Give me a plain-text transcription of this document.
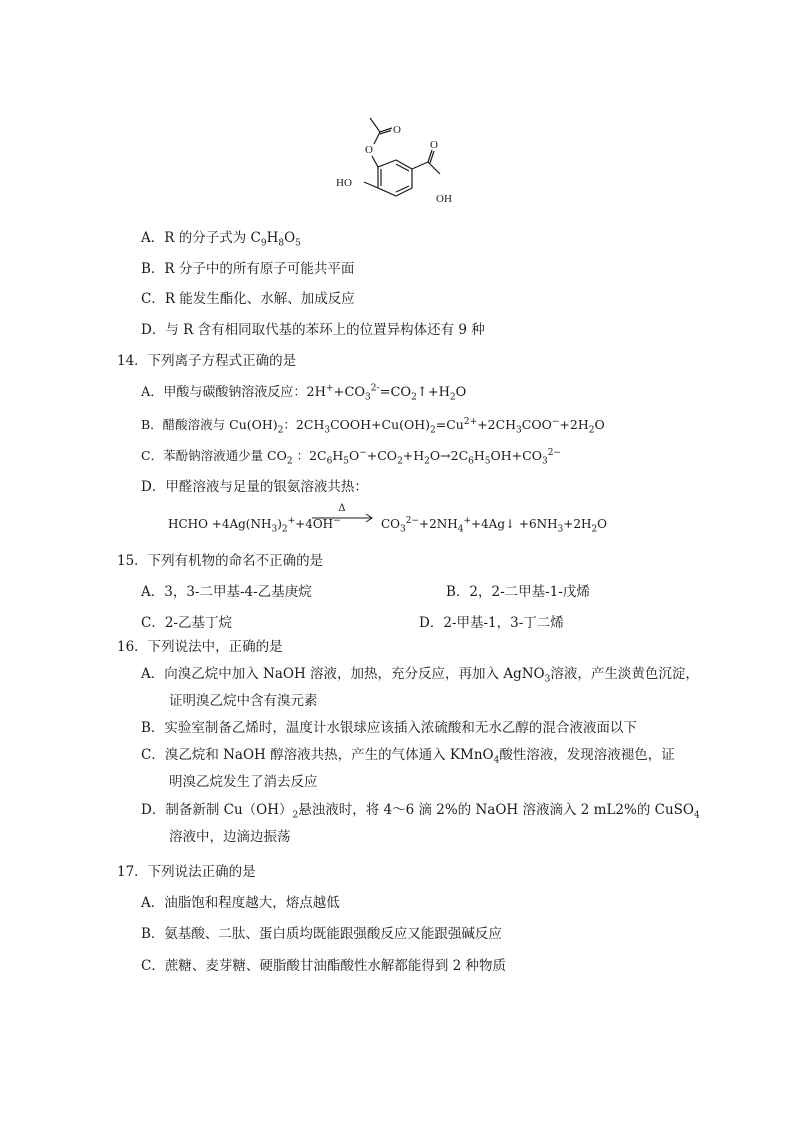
O
O
HO
O
OH
A．R 的分子式为 $C_9H_8O_5$
B．R 分子中的所有原子可能共平面
C．R 能发生酯化、水解、加成反应
D．与 R 含有相同取代基的苯环上的位置异构体还有 9 种
14．下列离子方程式正确的是
A．甲酸与碳酸钠溶液反应：$2H^++CO_3^{2-}=CO_2↑+H_2O$
B．醋酸溶液与 $Cu(OH)_2$：$2CH_3COOH+Cu(OH)_2=Cu^{2+}+2CH_3COO^-+2H_2O$
C．苯酚钠溶液通少量 $CO_2$ ：$2C_6H_5O^-+CO_2+H_2O\to 2C_6H_5OH+CO_3^{2-}$
D．甲醛溶液与足量的银氨溶液共热：
HCHO $+4Ag(NH_3)_2^++4OH^-$
Δ
$CO_3^{2-}+2NH_4^++4Ag↓ +6NH_3+2H_2O$
15．下列有机物的命名不正确的是
A．3，3-二甲基-4-乙基庚烷	B．2，2-二甲基-1-戊烯
C．2-乙基丁烷	D．2-甲基-1，3-丁二烯
16．下列说法中，正确的是
A．向溴乙烷中加入 NaOH 溶液，加热，充分反应，再加入 AgNO$_3$溶液，产生淡黄色沉淀，
证明溴乙烷中含有溴元素
B．实验室制备乙烯时，温度计水银球应该插入浓硫酸和无水乙醇的混合液液面以下
C．溴乙烷和 NaOH 醇溶液共热，产生的气体通入 KMnO$_4$酸性溶液，发现溶液褪色，证
明溴乙烷发生了消去反应
D．制备新制 $Cu(OH)_2$悬浊液时，将 4～6 滴 2%的 NaOH 溶液滴入 2 mL2%的 CuSO$_4$
溶液中，边滴边振荡
17．下列说法正确的是
A．油脂饱和程度越大，熔点越低
B．氨基酸、二肽、蛋白质均既能跟强酸反应又能跟强碱反应
C．蔗糖、麦芽糖、硬脂酸甘油酯酸性水解都能得到 2 种物质
